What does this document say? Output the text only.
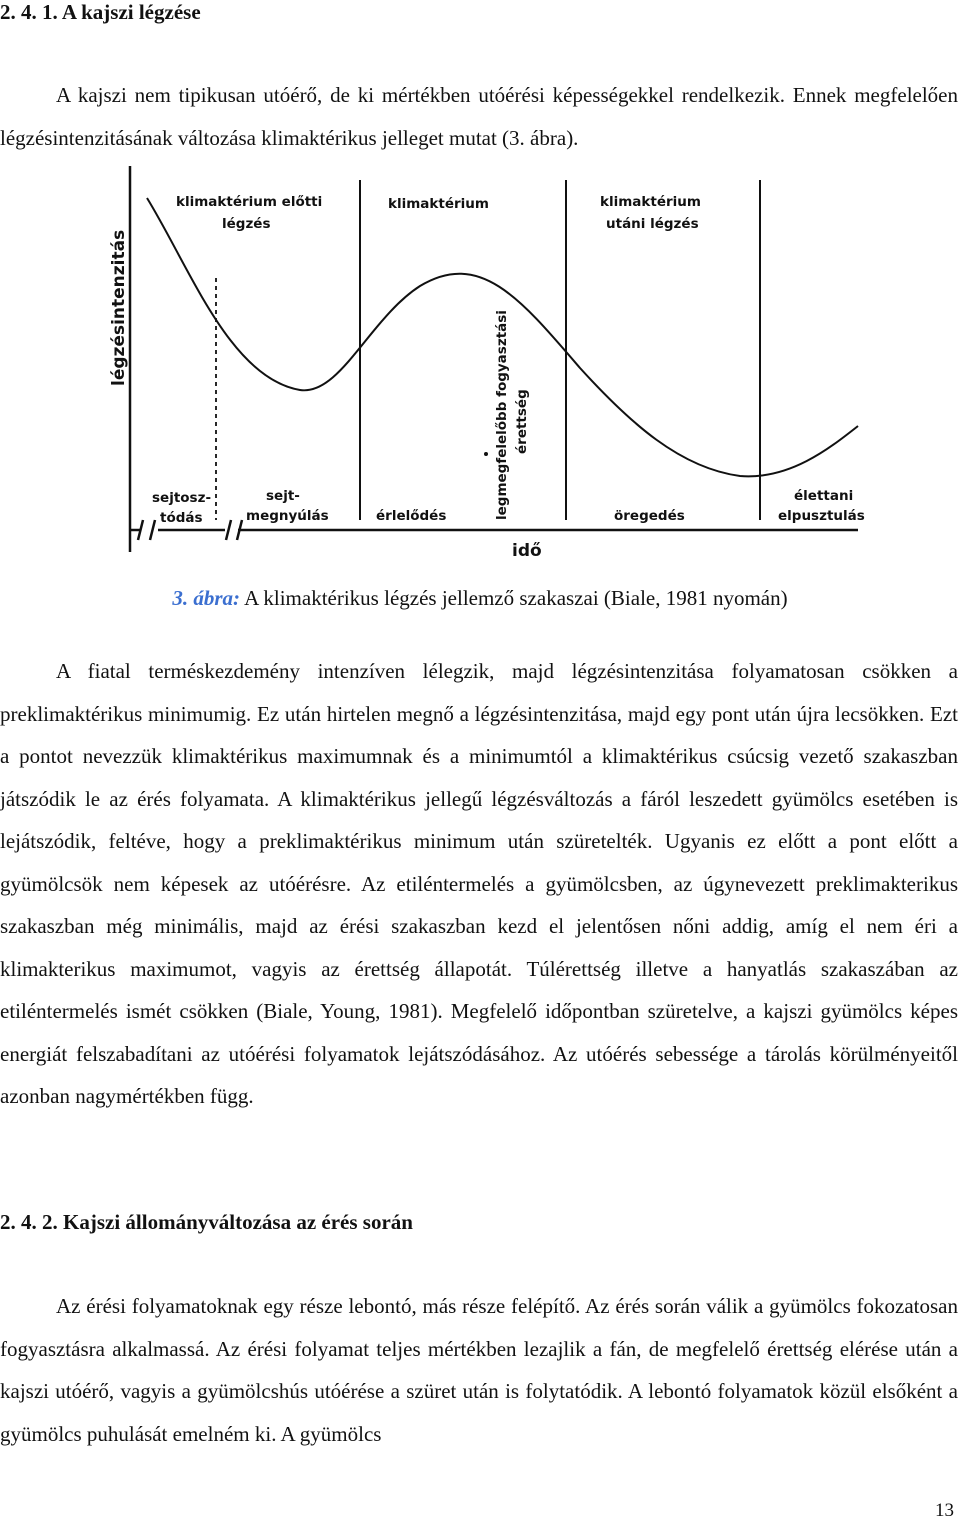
2. 4. 1. A kajszi légzése

A kajszi nem tipikusan utóérő, de ki mértékben utóérési képességekkel rendelkezik. Ennek megfelelően légzésintenzitásának változása klimaktérikus jelleget mutat (3. ábra).

légzésintenzitás
klimaktérium előtti
légzés
klimaktérium	klimaktérium
utáni légzés
legmegfelelőbb fogyasztási érettség
sejtosz-
tódás
sejt-
megnyúlás	érlelődés	öregedés
élettani
elpusztulás
idő

3. ábra: A klimaktérikus légzés jellemző szakaszai (Biale, 1981 nyomán)

A fiatal terméskezdemény intenzíven lélegzik, majd légzésintenzitása folyamatosan csökken a preklimaktérikus minimumig. Ez után hirtelen megnő a légzésintenzitása, majd egy pont után újra lecsökken. Ezt a pontot nevezzük klimaktérikus maximumnak és a minimumtól a klimaktérikus csúcsig vezető szakaszban játszódik le az érés folyamata. A klimaktérikus jellegű légzésváltozás a fáról leszedett gyümölcs esetében is lejátszódik, feltéve, hogy a preklimaktérikus minimum után szüretelték. Ugyanis ez előtt a pont előtt a gyümölcsök nem képesek az utóérésre. Az etiléntermelés a gyümölcsben, az úgynevezett preklimakterikus szakaszban még minimális, majd az érési szakaszban kezd el jelentősen nőni addig, amíg el nem éri a klimakterikus maximumot, vagyis az érettség állapotát. Túlérettség illetve a hanyatlás szakaszában az etiléntermelés ismét csökken (Biale, Young, 1981). Megfelelő időpontban szüretelve, a kajszi gyümölcs képes energiát felszabadítani az utóérési folyamatok lejátszódásához. Az utóérés sebessége a tárolás körülményeitől azonban nagymértékben függ.

2. 4. 2. Kajszi állományváltozása az érés során

Az érési folyamatoknak egy része lebontó, más része felépítő. Az érés során válik a gyümölcs fokozatosan fogyasztásra alkalmassá. Az érési folyamat teljes mértékben lezajlik a fán, de megfelelő érettség elérése után a kajszi utóérő, vagyis a gyümölcshús utóérése a szüret után is folytatódik. A lebontó folyamatok közül elsőként a gyümölcs puhulását emelném ki. A gyümölcs

13
